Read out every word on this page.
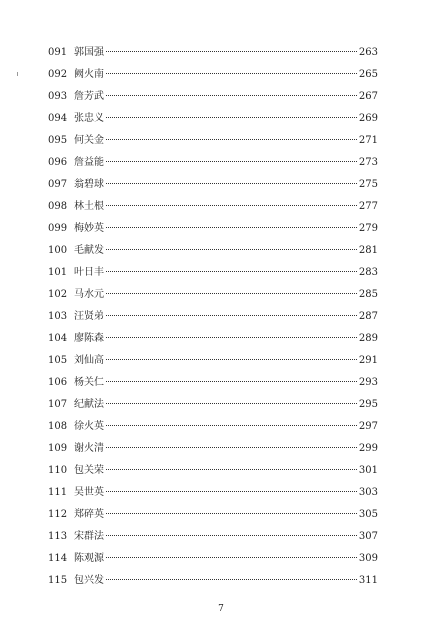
091 郭国强	263
092 阙火南	265
093 詹芳武	267
094 张忠义	269
095 何关金	271
096 詹益能	273
097 翁碧球	275
098 林土根	277
099 梅妙英	279
100 毛献发	281
101 叶日丰	283
102 马水元	285
103 汪贤弟	287
104 廖陈森	289
105 刘仙高	291
106 杨关仁	293
107 纪献法	295
108 徐火英	297
109 谢火清	299
110 包关荣	301
111 吴世英	303
112 郑碎英	305
113 宋群法	307
114 陈观源	309
115 包兴发	311
7
